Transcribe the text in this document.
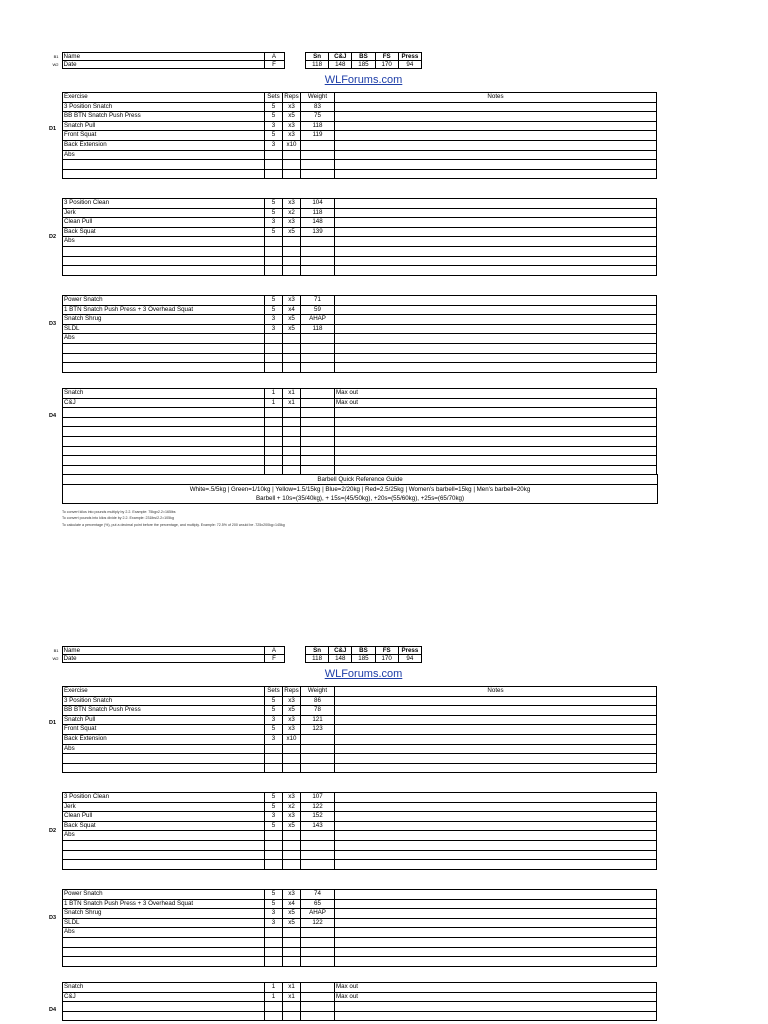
B1	Name	A
W2	Date	F
Sn	C&J	BS	FS	Press
118	148	185	170	94
WLForums.com
Exercise	Sets	Reps	Weight	Notes	
3 Position Snatch	5	x3	83		
BB BTN Snatch Push Press	5	x5	75		
Snatch Pull	3	x3	118		
Front Squat	5	x3	119		
Back Extension	3	x10			
Abs					

D1
3 Position Clean	5	x3	104		
Jerk	5	x2	118		
Clean Pull	3	x3	148		
Back Squat	5	x5	139		
Abs					

D2
Power Snatch	5	x3	71		
1 BTN Snatch Push Press + 3 Overhead Squat	5	x4	59		
Snatch Shrug	3	x5	AHAP		
SLDL	3	x5	118		
Abs					

D3
Snatch	1	x1		Max out	
C&J	1	x1		Max out	

D4
Barbell Quick Reference Guide
White=.5/5kg | Green=1/10kg | Yellow=1.5/15kg | Blue=2/20kg | Red=2.5/25kg | Women's barbell=15kg | Men's barbell=20kg
Barbell + 10s=(35/40kg), + 15s=(45/50kg), +20s=(55/60kg), +25s=(65/70kg)
To convert kilos into pounds multiply by 2.2. Example: 75kgx2.2=165lbs
To convert pounds into kilos divide by 2.2. Example: 231lbs/2.2=105kg
To calculate a percentage (%), put a decimal point before the percentage, and multiply. Example: 72.5% of 200 would be .725x200kg=145kg
B1	Name	A
W2	Date	F
Sn	C&J	BS	FS	Press
118	148	185	170	94
WLForums.com
Exercise	Sets	Reps	Weight	Notes	
3 Position Snatch	5	x3	86		
BB BTN Snatch Push Press	5	x5	78		
Snatch Pull	3	x3	121		
Front Squat	5	x3	123		
Back Extension	3	x10			
Abs					

D1
3 Position Clean	5	x3	107		
Jerk	5	x2	122		
Clean Pull	3	x3	152		
Back Squat	5	x5	143		
Abs					

D2
Power Snatch	5	x3	74		
1 BTN Snatch Push Press + 3 Overhead Squat	5	x4	65		
Snatch Shrug	3	x5	AHAP		
SLDL	3	x5	122		
Abs					

D3
Snatch	1	x1		Max out	
C&J	1	x1		Max out	

D4
